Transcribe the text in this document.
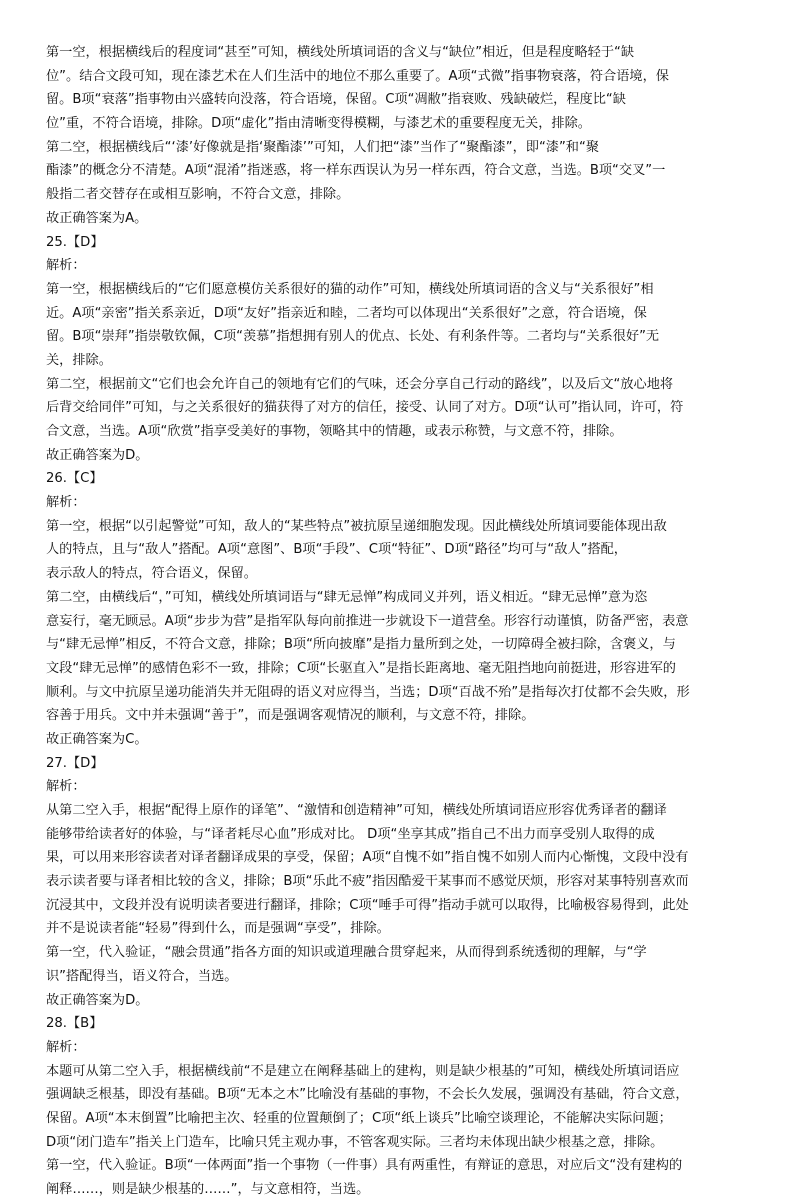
第一空，根据横线后的程度词“甚至”可知，横线处所填词语的含义与“缺位”相近，但是程度略轻于“缺
位”。结合文段可知，现在漆艺术在人们生活中的地位不那么重要了。A项“式微”指事物衰落，符合语境，保
留。B项“衰落”指事物由兴盛转向没落，符合语境，保留。C项“凋敝”指衰败、残缺破烂，程度比“缺
位”重，不符合语境，排除。D项“虚化”指由清晰变得模糊，与漆艺术的重要程度无关，排除。
第二空，根据横线后“‘漆’好像就是指‘聚酯漆’”可知，人们把“漆”当作了“聚酯漆”，即“漆”和“聚
酯漆”的概念分不清楚。A项“混淆”指迷惑，将一样东西误认为另一样东西，符合文意，当选。B项“交叉”一
般指二者交替存在或相互影响，不符合文意，排除。
故正确答案为A。
25.【D】
解析：
第一空，根据横线后的“它们愿意模仿关系很好的猫的动作”可知，横线处所填词语的含义与“关系很好”相
近。A项“亲密”指关系亲近，D项“友好”指亲近和睦，二者均可以体现出“关系很好”之意，符合语境，保
留。B项“崇拜”指崇敬钦佩，C项“羡慕”指想拥有别人的优点、长处、有利条件等。二者均与“关系很好”无
关，排除。
第二空，根据前文“它们也会允许自己的领地有它们的气味，还会分享自己行动的路线”，以及后文“放心地将
后背交给同伴”可知，与之关系很好的猫获得了对方的信任，接受、认同了对方。D项“认可”指认同，许可，符
合文意，当选。A项“欣赏”指享受美好的事物，领略其中的情趣，或表示称赞，与文意不符，排除。
故正确答案为D。
26.【C】
解析：
第一空，根据“以引起警觉”可知，敌人的“某些特点”被抗原呈递细胞发现。因此横线处所填词要能体现出敌
人的特点，且与“敌人”搭配。A项“意图”、B项“手段”、C项“特征”、D项“路径”均可与“敌人”搭配，
表示敌人的特点，符合语义，保留。
第二空，由横线后“，”可知，横线处所填词语与“肆无忌惮”构成同义并列，语义相近。“肆无忌惮”意为恣
意妄行，毫无顾忌。A项“步步为营”是指军队每向前推进一步就设下一道营垒。形容行动谨慎，防备严密，表意
与“肆无忌惮”相反，不符合文意，排除；B项“所向披靡”是指力量所到之处，一切障碍全被扫除，含褒义，与
文段“肆无忌惮”的感情色彩不一致，排除；C项“长驱直入”是指长距离地、毫无阻挡地向前挺进，形容进军的
顺利。与文中抗原呈递功能消失并无阻碍的语义对应得当，当选；D项“百战不殆”是指每次打仗都不会失败，形
容善于用兵。文中并未强调“善于”，而是强调客观情况的顺利，与文意不符，排除。
故正确答案为C。
27.【D】
解析：
从第二空入手，根据“配得上原作的译笔”、“激情和创造精神”可知，横线处所填词语应形容优秀译者的翻译
能够带给读者好的体验，与“译者耗尽心血”形成对比。 D项“坐享其成”指自己不出力而享受别人取得的成
果，可以用来形容读者对译者翻译成果的享受，保留；A项“自愧不如”指自愧不如别人而内心惭愧，文段中没有
表示读者要与译者相比较的含义，排除；B项“乐此不疲”指因酷爱干某事而不感觉厌烦，形容对某事特别喜欢而
沉浸其中，文段并没有说明读者要进行翻译，排除；C项“唾手可得”指动手就可以取得，比喻极容易得到，此处
并不是说读者能“轻易”得到什么，而是强调“享受”，排除。
第一空，代入验证，“融会贯通”指各方面的知识或道理融合贯穿起来，从而得到系统透彻的理解，与“学
识”搭配得当，语义符合，当选。
故正确答案为D。
28.【B】
解析：
本题可从第二空入手，根据横线前“不是建立在阐释基础上的建构，则是缺少根基的”可知，横线处所填词语应
强调缺乏根基，即没有基础。B项“无本之木”比喻没有基础的事物，不会长久发展，强调没有基础，符合文意，
保留。A项“本末倒置”比喻把主次、轻重的位置颠倒了；C项“纸上谈兵”比喻空谈理论，不能解决实际问题；
D项“闭门造车”指关上门造车，比喻只凭主观办事，不管客观实际。三者均未体现出缺少根基之意，排除。
第一空，代入验证。B项“一体两面”指一个事物（一件事）具有两重性，有辩证的意思，对应后文“没有建构的
阐释……，则是缺少根基的……”，与文意相符，当选。
